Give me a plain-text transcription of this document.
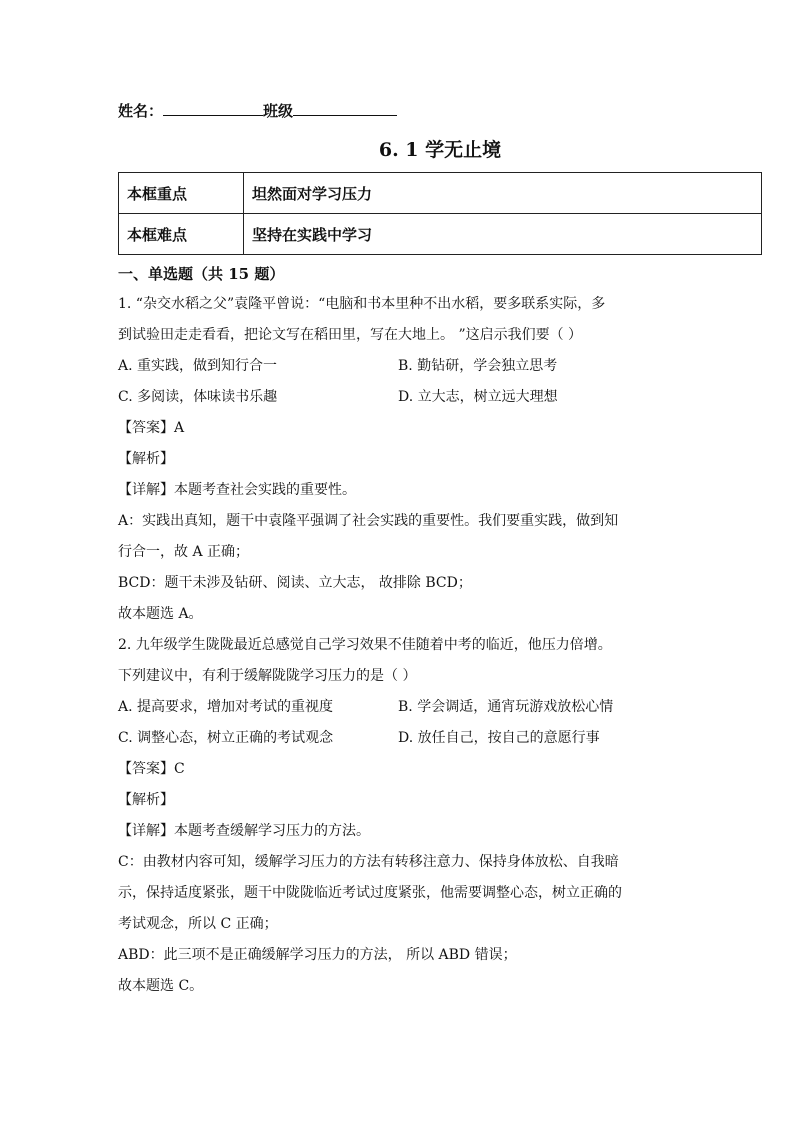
姓名：	班级
6. 1 学无止境
本框重点	坦然面对学习压力
本框难点	坚持在实践中学习
一、单选题（共 15 题）
1. “杂交水稻之父”袁隆平曾说：“电脑和书本里种不出水稻，要多联系实际，多
到试验田走走看看，把论文写在稻田里，写在大地上。 ”这启示我们要（ ）
A. 重实践，做到知行合一	B. 勤钻研，学会独立思考
C. 多阅读，体味读书乐趣	D. 立大志，树立远大理想
【答案】A
【解析】
【详解】本题考查社会实践的重要性。
A：实践出真知，题干中袁隆平强调了社会实践的重要性。我们要重实践，做到知
行合一，故 A 正确；
BCD：题干未涉及钻研、阅读、立大志， 故排除 BCD；
故本题选 A。
2. 九年级学生陇陇最近总感觉自己学习效果不佳随着中考的临近，他压力倍增。
下列建议中，有利于缓解陇陇学习压力的是（ ）
A. 提高要求，增加对考试的重视度	B. 学会调适，通宵玩游戏放松心情
C. 调整心态，树立正确的考试观念	D. 放任自己，按自己的意愿行事
【答案】C
【解析】
【详解】本题考查缓解学习压力的方法。
C：由教材内容可知，缓解学习压力的方法有转移注意力、保持身体放松、自我暗
示，保持适度紧张，题干中陇陇临近考试过度紧张，他需要调整心态，树立正确的
考试观念，所以 C 正确；
ABD：此三项不是正确缓解学习压力的方法， 所以 ABD 错误；
故本题选 C。
